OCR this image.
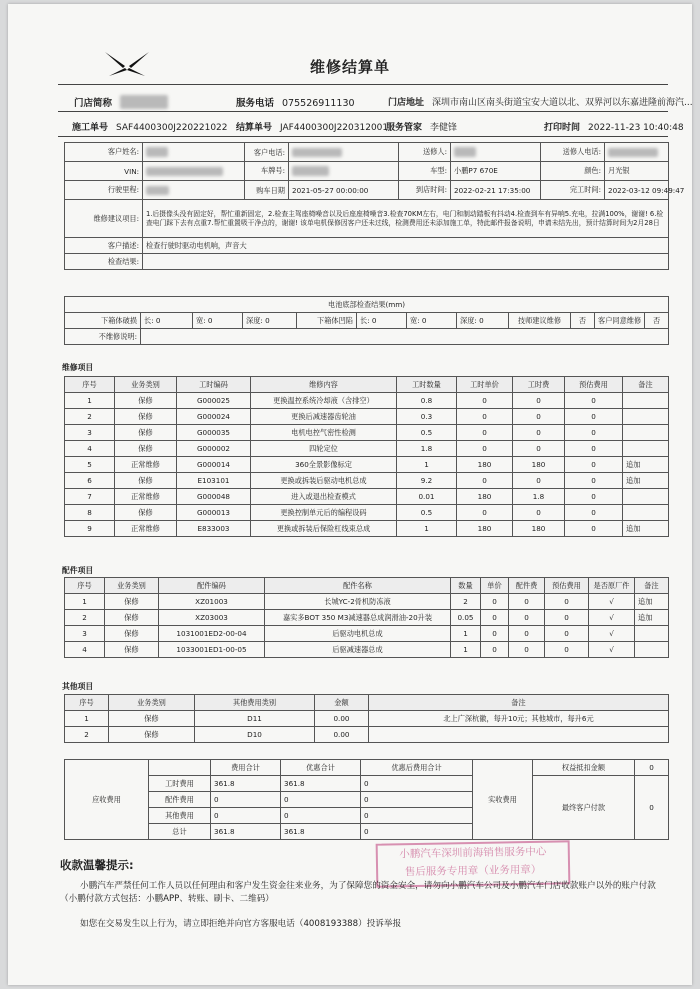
维修结算单
门店简称	服务电话 075526911130	门店地址 深圳市南山区南头街道宝安大道以北、双界河以东嘉进隆前海汽...
施工单号 SAF4400300J220221022 结算单号 JAF4400300J220312001
服务管家 李健锋	打印时间 2022-11-23 10:40:48
客户姓名:		客户电话:		送修人:		送修人电话:	
VIN:		车牌号:		车型:	小鹏P7 670E	颜色:	月光银
行驶里程:		购车日期	2021-05-27 00:00:00	到店时间:	2022-02-21 17:35:00	完工时间:	2022-03-12 09:49:47
维修建议项目:	1.后摄像头没有固定好，帮忙重新固定，2.检查主驾座椅噪音以及后座座椅噪音3.检查70KM左右，电门和制动踏板有抖动4.检查到车有异响5.充电，拉满100%，谢谢! 6.检查电门踩下去有点重7.帮忙重置吸干净点的，谢谢! 该单电机保修因客户还未过线，检测费用还未添加施工单，特此邮件报备说明，申请未结先出，预计结算时间为2月28日						
客户描述:	检查行驶时驱动电机响，声音大						
检查结果:							
电池底部检查结果(mm)											
下箱体破损	长: 0	宽: 0	深度: 0	下箱体凹陷	长: 0	宽: 0	深度: 0	技师建议维修	否	客户同意维修	否
不维修说明:											
维修项目
序号	业务类别	工时编码	维修内容	工时数量	工时单价	工时费	预估费用	备注
1	保修	G000025	更换温控系统冷却液（含排空）	0.8	0	0	0	
2	保修	G000024	更换后减速器齿轮油	0.3	0	0	0	
3	保修	G000035	电机电控气密性检测	0.5	0	0	0	
4	保修	G000002	四轮定位	1.8	0	0	0	
5	正常维修	G000014	360全景影像标定	1	180	180	0	追加
6	保修	E103101	更换或拆装后驱动电机总成	9.2	0	0	0	追加
7	正常维修	G000048	进入或退出检查模式	0.01	180	1.8	0	
8	保修	G000013	更换控制单元后的编程设码	0.5	0	0	0	
9	正常维修	E833003	更换或拆装后保险杠线束总成	1	180	180	0	追加
配件项目
序号	业务类别	配件编码	配件名称	数量	单价	配件费	预估费用	是否原厂件	备注
1	保修	XZ01003	长城YC-2骨机防冻液	2	0	0	0	√	追加
2	保修	XZ03003	嘉实多BOT 350 M3减速器总成润滑油-20升装	0.05	0	0	0	√	追加
3	保修	1031001ED2-00-04	后驱动电机总成	1	0	0	0	√	
4	保修	1033001ED1-00-05	后驱减速器总成	1	0	0	0	√	
其他项目
序号	业务类别	其他费用类别	金额	备注
1	保修	D11	0.00	北上广深杭徽，每升10元；其他城市，每升6元
2	保修	D10	0.00	
应收费用		费用合计	优惠合计	优惠后费用合计	实收费用	权益抵扣金额	0
	工时费用	361.8	361.8	0		最终客户付款	0
	配件费用	0	0	0			
	其他费用	0	0	0			
	总计	361.8	361.8	0			
收款温馨提示:
小鹏汽车深圳前海销售服务中心
售后服务专用章（业务用章）
小鹏汽车严禁任何工作人员以任何理由和客户发生资金往来业务，为了保障您的资金安全，请勿向小鹏汽车公司及小鹏汽车门店收款账户以外的账户付款（小鹏付款方式包括：小鹏APP、转账、刷卡、二维码）
如您在交易发生以上行为，请立即拒绝并向官方客服电话（4008193388）投诉举报
